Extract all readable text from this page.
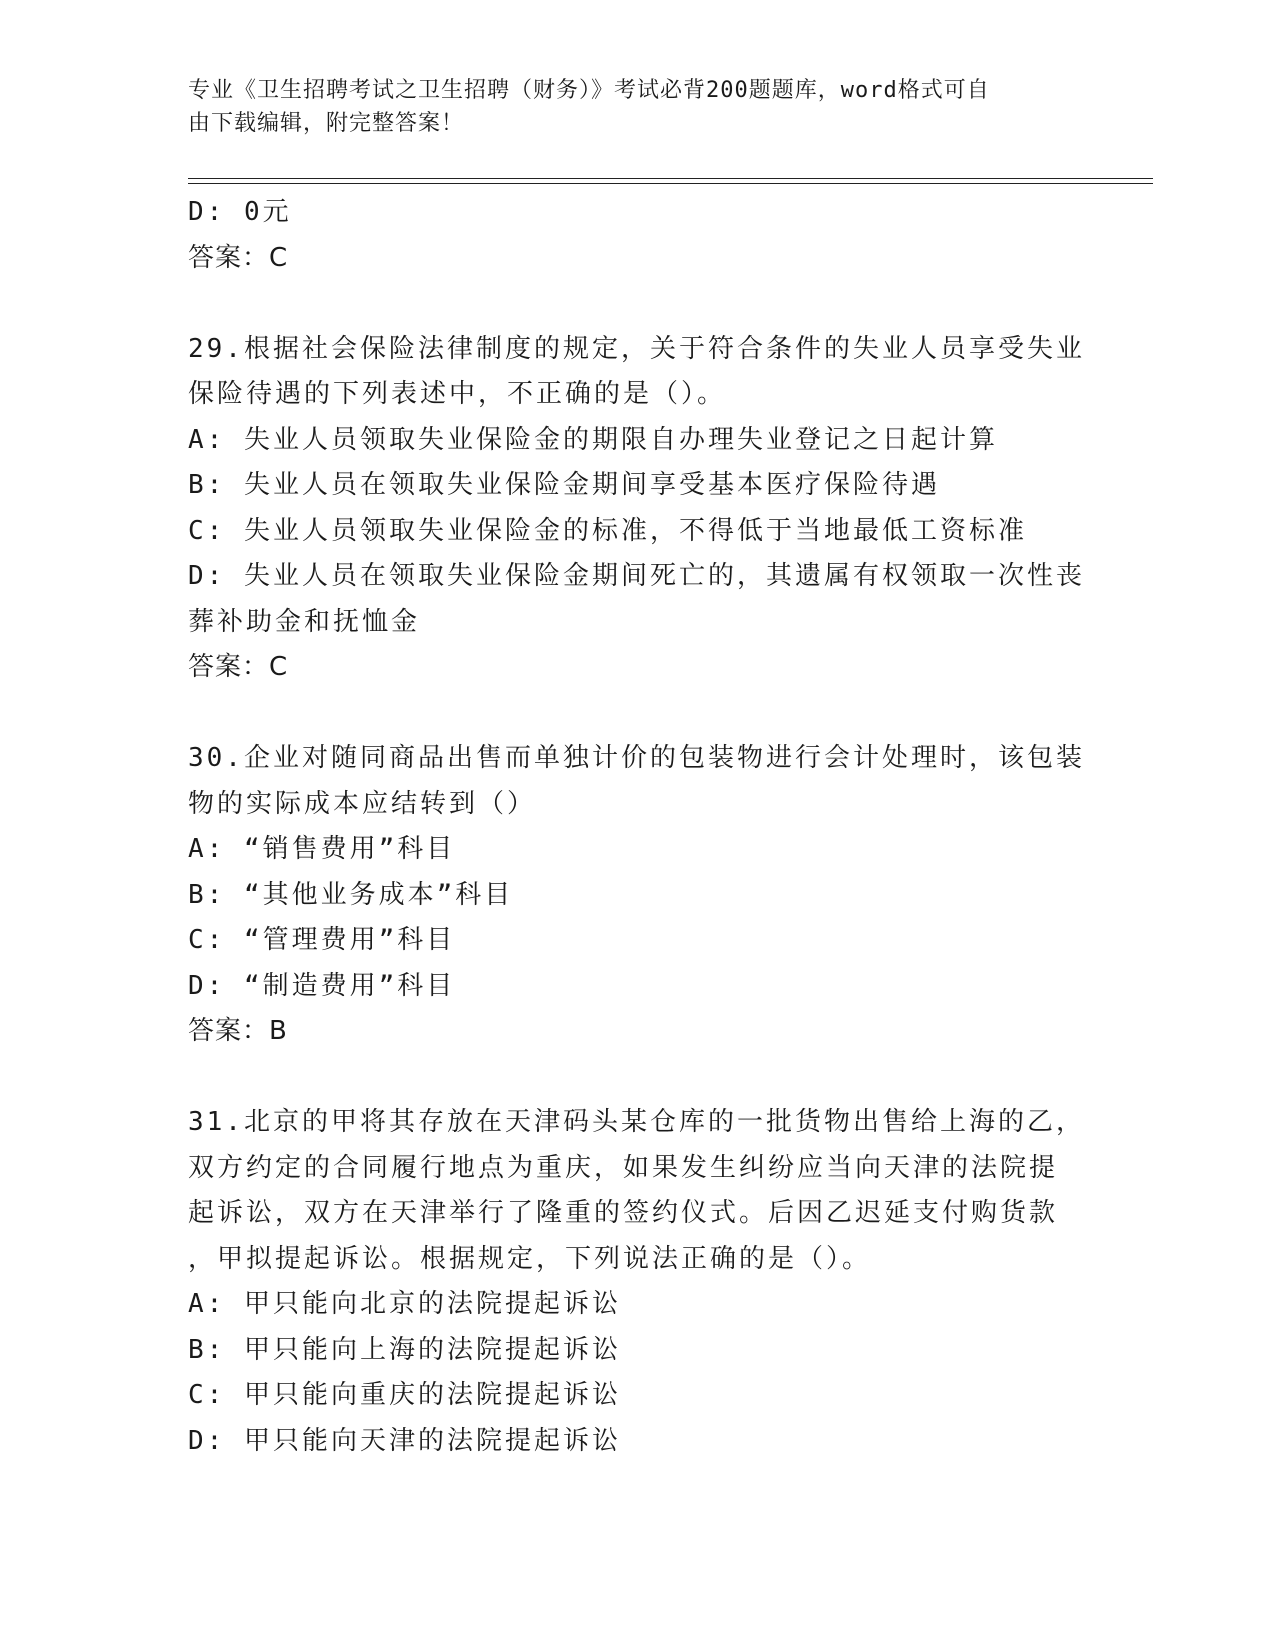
专业《卫生招聘考试之卫生招聘（财务）》考试必背200题题库，word格式可自
由下载编辑，附完整答案！
D: 0元
答案：C
29.根据社会保险法律制度的规定，关于符合条件的失业人员享受失业
保险待遇的下列表述中，不正确的是（）。
A: 失业人员领取失业保险金的期限自办理失业登记之日起计算
B: 失业人员在领取失业保险金期间享受基本医疗保险待遇
C: 失业人员领取失业保险金的标准，不得低于当地最低工资标准
D: 失业人员在领取失业保险金期间死亡的，其遗属有权领取一次性丧
葬补助金和抚恤金
答案：C
30.企业对随同商品出售而单独计价的包装物进行会计处理时，该包装
物的实际成本应结转到（）
A: “销售费用”科目
B: “其他业务成本”科目
C: “管理费用”科目
D: “制造费用”科目
答案：B
31.北京的甲将其存放在天津码头某仓库的一批货物出售给上海的乙，
双方约定的合同履行地点为重庆，如果发生纠纷应当向天津的法院提
起诉讼，双方在天津举行了隆重的签约仪式。后因乙迟延支付购货款
，甲拟提起诉讼。根据规定，下列说法正确的是（）。
A: 甲只能向北京的法院提起诉讼
B: 甲只能向上海的法院提起诉讼
C: 甲只能向重庆的法院提起诉讼
D: 甲只能向天津的法院提起诉讼
